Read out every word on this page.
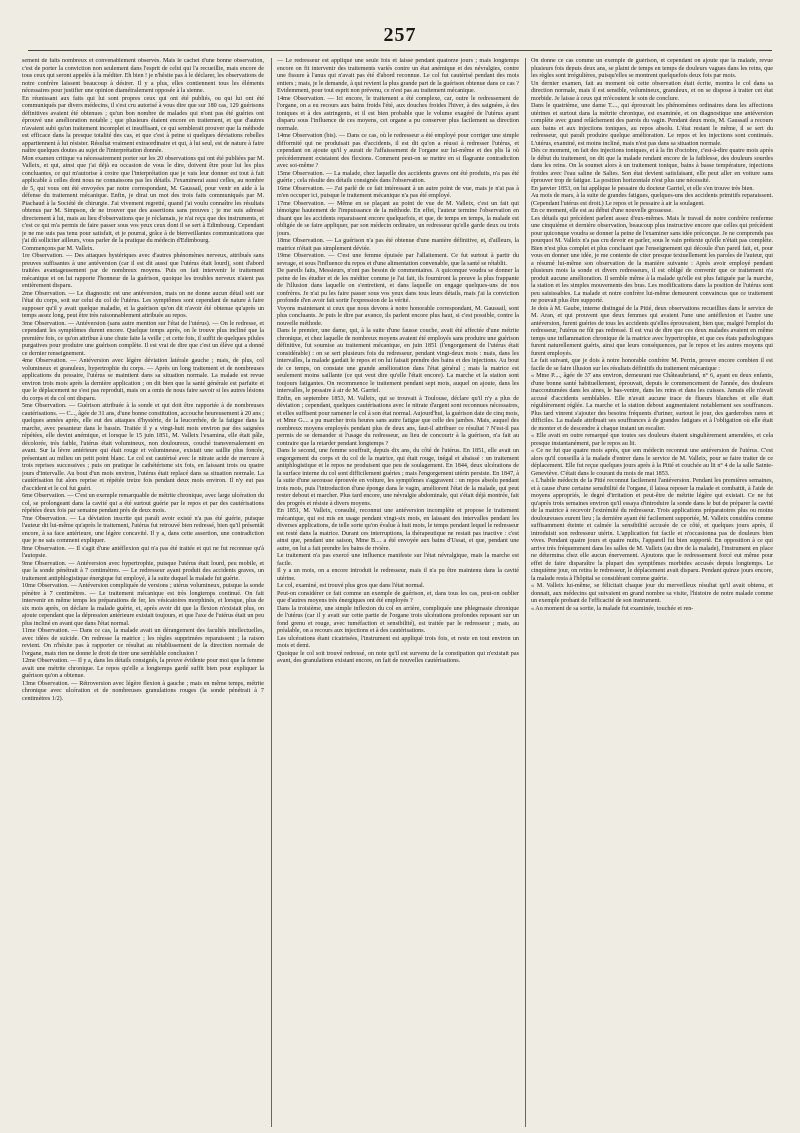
257
sement de faits nombreux et convenablement observés. Mais le cachet d'une bonne observation, c'est de porter la conviction non seulement dans l'esprit de celui qui l'a recueillie, mais encore de tous ceux qui seront appelés à la méditer. Eh bien ! je n'hésite pas à le déclarer, les observations de notre confrère laissent beaucoup à désirer. Il y a plus, elles contiennent tous les éléments nécessaires pour justifier une opinion diamétralement opposée à la sienne.
En réunissant aux faits qui lui sont propres ceux qui ont été publiés, ou qui lui ont été communiqués par divers médecins, il s'est cru autorisé à vous dire que sur 180 cas, 129 guérisons définitives avaient été obtenues ; qu'un bon nombre de malades qui n'ont pas été guéries ont éprouvé une amélioration notable ; que plusieurs étaient encore en traitement, et que d'autres n'avaient subi qu'un traitement incomplet et insuffisant, ce qui semblerait prouver que la méthode est efficace dans la presque totalité des cas, et que c'est à peine si quelques déviations rebelles appartiennent à lui résister. Résultat vraiment extraordinaire et qui, à lui seul, est de nature à faire naître quelques doutes au sujet de l'interprétation donnée.
Mon examen critique va nécessairement porter sur les 20 observations qui ont été publiées par M. Valleix, et qui, ainsi que j'ai déjà eu occasion de vous le dire, doivent être pour lui les plus concluantes, ce qui m'autorise à croire que l'interprétation que je vais leur donner est tout à fait applicable à celles dont nous ne connaissons pas les détails. J'examinerai aussi celles, au nombre de 5, qui vous ont été envoyées par notre correspondant, M. Gaussail, pour venir en aide à la défense du traitement mécanique. Enfin, je dirai un mot des trois faits communiqués par M. Piachaud à la Société de chirurgie. J'ai vivement regretté, quand j'ai voulu connaître les résultats obtenus par M. Simpson, de ne trouver que des assertions sans preuves ; je me suis adressé directement à lui, mais au lieu d'observations que je réclamais, je n'ai reçu que des instruments, et c'est ce qui m'a permis de faire passer sous vos yeux ceux dont il se sert à Edimbourg. Cependant je ne me suis pas tenu pour satisfait, et je pourrai, grâce à de bienveillantes communications que j'ai dû solliciter ailleurs, vous parler de la pratique du médecin d'Edimbourg.
Commençons par M. Valleix.
1re Observation. — Des attaques hystériques avec d'autres phénomènes nerveux, attribués sans preuves suffisantes à une antéversion (car il est dit aussi que l'utérus était lourd), sont d'abord traitées avantageusement par de nombreux moyens. Puis on fait intervenir le traitement mécanique et on lui rapporte l'honneur de la guérison, quoique les troubles nerveux n'aient pas entièrement disparu.
2me Observation. — Le diagnostic est une antéversion, mais on ne donne aucun détail soit sur l'état du corps, soit sur celui du col de l'utérus. Les symptômes sont cependant de nature à faire supposer qu'il y avait quelque maladie, et la guérison qu'on dit n'avoir été obtenue qu'après un temps assez long, peut être très raisonnablement attribuée au repos.
3me Observation. — Antéversion (sans autre mention sur l'état de l'utérus). — On le redresse, et cependant les symptômes durent encore. Quelque temps après, on le trouve plus incliné que la première fois, ce qu'on attribue à une chute faite la veille ; et cette fois, il suffit de quelques pilules purgatives pour produire une guérison complète. Il est vrai de dire que c'est un élève qui a donné ce dernier renseignement.
4me Observation. — Antéversion avec légère déviation latérale gauche ; mais, de plus, col volumineux et granuleux, hypertrophie du corps. — Après un long traitement et de nombreuses applications du pessaire, l'utérus se maintient dans sa situation normale. La malade est revue environ trois mois après la dernière application ; on dit bien que la santé générale est parfaite et que le déplacement ne s'est pas reproduit, mais on a omis de nous faire savoir si les autres lésions du corps et du col ont disparu.
5me Observation. — Guérison attribuée à la sonde et qui doit être rapportée à de nombreuses cautérisations. — C..., âgée de 31 ans, d'une bonne constitution, accouche heureusement à 20 ans ; quelques années après, elle eut des attaques d'hystérie, de la leucorrhée, de la fatigue dans la marche, avec pesanteur dans le bassin. Traitée il y a vingt-huit mois environ par des saignées répétées, elle devint anémique, et lorsque le 15 juin 1851, M. Valleix l'examina, elle était pâle, décolorée, très faible, l'utérus était volumineux, non douloureux, couché transversalement en avant. Sur la lèvre antérieure qui était rouge et volumineuse, existait une saillie plus foncée, présentant au milieu un petit point blanc. Le col est cautérisé avec le nitrate acide de mercure à trois reprises successives ; puis on pratique le cathétérisme six fois, en laissant trois ou quatre jours d'intervalle. Au bout d'un mois environ, l'utérus était replacé dans sa situation normale. La cautérisation fut alors reprise et répétée treize fois pendant deux mois environ. Il n'y eut pas d'accident et le col fut guéri.
6me Observation. — C'est un exemple remarquable de métrite chronique, avec large ulcération du col, se prolongeant dans la cavité qui a été surtout guérie par le repos et par des cautérisations répétées deux fois par semaine pendant près de deux mois.
7me Observation. — La déviation inscrite qui paraît avoir existé n'a pas été guérie, puisque l'auteur dit lui-même qu'après le traitement, l'utérus fut retrouvé bien redressé, bien qu'il présentât encore, à sa face antérieure, une légère concavité. Il y a, dans cette assertion, une contradiction que je ne sais comment expliquer.
8me Observation. — Il s'agit d'une antéflexion qui n'a pas été traitée et qui ne fut reconnue qu'à l'autopsie.
9me Observation. — Antéversion avec hypertrophie, puisque l'utérus était lourd, peu mobile, et que la sonde pénétrait à 7 centimètres. — Le redresseur ayant produit des accidents graves, un traitement antiphlogistique énergique fut employé, à la suite duquel la malade fut guérie.
10me Observation. — Antéversion compliquée de versions ; utérus volumineux, puisque la sonde pénètre à 7 centimètres. — Le traitement mécanique est très longtemps continué. On fait intervenir en même temps les préparations de fer, les vésicatoires morphinés, et lorsque, plus de six mois après, on déclare la malade guérie, et, après avoir dit que la flexion n'existait plus, on ajoute cependant que la dépression antérieure existait toujours, et que l'axe de l'utérus était un peu plus incliné en avant que dans l'état normal.
11me Observation. — Dans ce cas, la malade avait un dérangement des facultés intellectuelles, avec idées de suicide. On redresse la matrice ; les règles supprimées reparaissent ; la raison revient. On n'hésite pas à rapporter ce résultat au rétablissement de la direction normale de l'organe, mais rien ne donne le droit de tirer une semblable conclusion !
12me Observation. — Il y a, dans les détails consignés, la preuve évidente pour moi que la femme avait une métrite chronique. Le repos qu'elle a longtemps gardé suffit bien pour expliquer la guérison qu'on a obtenue.
13me Observation. — Rétroversion avec légère flexion à gauche ; mais en même temps, métrite chronique avec ulcération et de nombreuses granulations rouges (la sonde pénétrait à 7 centimètres 1/2).
— Le redresseur est appliqué une seule fois et laissé pendant quatorze jours ; mais longtemps encore on fit intervenir des traitements variés contre un état anémique et des névralgies, contre une fissure à l'anus qui n'avait pas été d'abord reconnue. Le col fut cautérisé pendant des mois entiers ; mais, je le demande, à qui revient la plus grande part de la guérison obtenue dans ce cas ? Evidemment, pour tout esprit non prévenu, ce n'est pas au traitement mécanique.
14me Observation. — Ici encore, le traitement a été complexe, car, outre le redressement de l'organe, on a eu recours aux bains froids l'été, aux douches froides l'hiver, à des saignées, à des toniques et à des astringents, et il est bien probable que le volume exagéré de l'utérus ayant disparu sous l'influence de ces moyens, cet organe a pu conserver plus facilement sa direction normale.
14me Observation (bis). — Dans ce cas, où le redresseur a été employé pour corriger une simple difformité qui ne produisait pas d'accidents, il est dit qu'on a réussi à redresser l'utérus, et cependant on ajoute qu'il y aurait de l'affaissement de l'organe sur lui-même et des plis là où précédemment existaient des flexions. Comment peut-on se mettre en si flagrante contradiction avec soi-même ?
15me Observation. — La malade, chez laquelle des accidents graves ont été produits, n'a pas été guérie ; cela résulte des détails consignés dans l'observation.
16me Observation. — J'ai parlé de ce fait intéressant à un autre point de vue, mais je n'ai pas à m'en occuper ici, puisque le traitement mécanique n'a pas été employé.
17me Observation. — Même en se plaçant au point de vue de M. Valleix, c'est un fait qui témoigne hautement de l'impuissance de la méthode. En effet, l'auteur termine l'observation en disant que les accidents reparaissent encore quelquefois, et que, de temps en temps, la malade est obligée de se faire appliquer, par son médecin ordinaire, un redresseur qu'elle garde deux ou trois jours.
18me Observation. — La guérison n'a pas été obtenue d'une manière définitive, et, d'ailleurs, la matrice n'était pas simplement déviée.
19me Observation. — C'est une femme épuisée par l'allaitement. Ce fut surtout à partir du sevrage, et sous l'influence du repos et d'une alimentation convenable, que la santé se rétablit.
De pareils faits, Messieurs, n'ont pas besoin de commentaires. A quiconque voudra se donner la peine de les étudier et de les méditer comme je l'ai fait, ils fourniront la preuve la plus frappante de l'illusion dans laquelle on s'entretient, et dans laquelle on engage quelques-uns de nos confrères. Je n'ai pu les faire passer sous vos yeux dans tous leurs détails, mais j'ai la conviction profonde d'en avoir fait sortir l'expression de la vérité.
Voyons maintenant si ceux que nous devons à notre honorable correspondant, M. Gaussail, sont plus concluants. Je puis le dire par avance, ils parlent encore plus haut, si c'est possible, contre la nouvelle méthode.
Dans le premier, une dame, qui, à la suite d'une fausse couche, avait été affectée d'une métrite chronique, et chez laquelle de nombreux moyens avaient été employés sans produire une guérison définitive, fut soumise au traitement mécanique, en juin 1851 (l'engorgement de l'utérus était considérable) : on se sert plusieurs fois du redresseur, pendant vingt-deux mois : mais, dans les intervalles, la malade gardait le repos et on lui faisait prendre des bains et des injections. Au bout de ce temps, on constate une grande amélioration dans l'état général ; mais la matrice est seulement moins saillante (ce qui veut dire qu'elle l'était encore). La marche et la station sont toujours fatigantes. On recommence le traitement pendant sept mois, auquel on ajoute, dans les intervalles, le pessaire à air de M. Garriel.
Enfin, en septembre 1853, M. Valleix, qui se trouvait à Toulouse, déclare qu'il n'y a plus de déviation ; cependant, quelques cautérisations avec le nitrate d'argent sont reconnues nécessaires, et elles suffisent pour ramener le col à son état normal. Aujourd'hui, la guérison date de cinq mois, et Mme G.... a pu marcher trois heures sans autre fatigue que celle des jambes. Mais, auquel des nombreux moyens employés pendant plus de deux ans, faut-il attribuer ce résultat ? N'est-il pas permis de se demander si l'usage du redresseur, au lieu de concourir à la guérison, n'a fait au contraire que la retarder pendant longtemps ?
Dans le second, une femme souffrait, depuis dix ans, du côté de l'utérus. En 1851, elle avait un engorgement du corps et du col de la matrice, qui était rouge, inégal et abaissé : un traitement antiphlogistique et le repos ne produisent que peu de soulagement. En 1844, deux ulcérations de la surface interne du col sont difficilement guéries ; mais l'engorgement utérin persiste. En 1847, à la suite d'une secousse éprouvée en voiture, les symptômes s'aggravent : un repos absolu pendant trois mois, puis l'introduction d'une éponge dans le vagin, améliorent l'état de la malade, qui peut rester debout et marcher. Plus tard encore, une névralgie abdominale, qui s'était déjà montrée, fait des progrès et résiste à divers moyens.
En 1851, M. Valleix, consulté, reconnut une antéversion incomplète et propose le traitement mécanique, qui est mis en usage pendant vingt-six mois, en laissant des intervalles pendant les diverses applications, de telle sorte qu'on évalue à huit mois, le temps pendant lequel le redresseur est resté dans la matrice. Durant ces interruptions, la thérapeutique ne restait pas inactive : c'est ainsi que, pendant une saison, Mme B.... a été envoyée aux bains d'Ussat, et que, pendant une autre, on lui a fait prendre les bains de rivière.
Le traitement n'a pas exercé une influence manifeste sur l'état névralgique, mais la marche est facile.
Il y a un mois, on a encore introduit le redresseur, mais il n'a pu être maintenu dans la cavité utérine.
Le col, examiné, est trouvé plus gros que dans l'état normal.
Peut-on considérer ce fait comme un exemple de guérison, et, dans tous les cas, peut-on oublier que d'autres moyens très énergiques ont été employés ?
Dans la troisième, une simple inflexion du col en arrière, compliquée une phlegmasie chronique de l'utérus (car il y avait sur cette partie de l'organe trois ulcérations profondes reposant sur un fond grenu et rouge, avec tuméfaction et sensibilité), est traitée par le redresseur ; mais, au préalable, on a recours aux injections et à des cautérisations.
Les ulcérations étant cicatrisées, l'instrument est appliqué trois fois, et reste en tout environ un mois et demi.
Quoique le col soit trouvé redressé, on note qu'il est survenu de la constipation qui n'existait pas avant, des granulations existant encore, on fait de nouvelles cautérisations.
On donne ce cas comme un exemple de guérison, et cependant on ajoute que la malade, revue plusieurs fois depuis deux ans, se plaint de temps en temps de douleurs vagues dans les reins, que les règles sont irrégulières, puisqu'elles se montrent quelquefois deux fois par mois.
Un dernier examen, fait au moment où cette observation était écrite, montra le col dans sa direction normale, mais il est sensible, volumineux, granuleux, et on se dispose à traiter cet état morbide. Je laisse à ceux qui m'écoutent le soin de conclure.
Dans le quatrième, une dame T...., qui éprouvait les phénomènes ordinaires dans les affections utérines et surtout dans la métrite chronique, est examinée, et on diagnostique une antéversion complète avec grand relâchement des parois du vagin. Pendant deux mois, M. Gaussail a recours aux bains et aux injections toniques, au repos absolu. L'état restant le même, il se sert du redresseur, qui paraît produire quelque amélioration. Le repos et les injections sont continués. L'utérus, examiné, est moins incliné, mais n'est pas dans sa situation normale.
Dès ce moment, on fait des injections toniques, et à la fin d'octobre, c'est-à-dire quatre mois après le début du traitement, on dit que la malade rendant encore de la faiblesse, des douleurs sourdes dans les reins. On la soumet alors à un traitement tonique, bains à basse température, injections froides avec l'eau saline de Salies. Son état devient satisfaisant, elle peut aller en voiture sans éprouver trop de fatigue. La position horizontale n'est plus une nécessité.
En janvier 1853, on lui applique le pessaire du docteur Garriel, et elle s'en trouve très bien.
Au mois de mars, à la suite de grandes fatigues, quelques-uns des accidents primitifs reparaissent. (Cependant l'utérus est droit.) Le repos et le pessaire à air la soulagent.
En ce moment, elle est au début d'une nouvelle grossesse.
Les détails qui précèdent parlent assez d'eux-mêmes. Mais le travail de notre confrère renferme une cinquième et dernière observation, beaucoup plus instructive encore que celles qui précèdent pour quiconque voudra se donner la peine de l'examiner sans idée préconçue. Je ne comprends pas pourquoi M. Valleix n'a pas cru devoir en parler, sous le vain prétexte qu'elle n'était pas complète. Bien n'est plus complet et plus concluant que l'enseignement qui découle d'un pareil fait, et, pour vous en donner une idée, je me contente de citer presque textuellement les paroles de l'auteur, qui a résumé lui-même son observation de la manière suivante : Après avoir employé pendant plusieurs mois la sonde et divers redresseurs, il est obligé de convenir que ce traitement n'a produit aucune amélioration. Il semble même à la malade qu'elle est plus fatiguée par la marche, la station et les simples mouvements des bras. Les modifications dans la position de l'utérus sont peu saisissables. La malade et notre confrère lui-même demeurent convaincus que ce traitement ne pouvait plus être supporté.
Je dois à M. Gaube, interne distingué de la Pitié, deux observations recueillies dans le service de M. Aran, et qui prouvent que deux femmes qui avaient l'une une antéflexion et l'autre une antéversion, furent guéries de tous les accidents qu'elles éprouvaient, bien que, malgré l'emploi du redresseur, l'utérus ne fût pas redressé. Il est vrai de dire que ces deux malades avaient en même temps une inflammation chronique de la matrice avec hypertrophie, et que ces états pathologiques furent naturellement guéris, ainsi que leurs conséquences, par le repos et les autres moyens qui furent employés.
Le fait suivant, que je dois à notre honorable confrère M. Perrin, prouve encore combien il est facile de se faire illusion sur les résultats définitifs du traitement mécanique :
« Mme P...., âgée de 37 ans environ, demeurant rue Châteaubriand, n° 6, ayant eu deux enfants, d'une bonne santé habituellement, éprouvait, depuis le commencement de l'année, des douleurs inaccoutumées dans les aines, le bas-ventre, dans les reins et dans les cuisses. Jamais elle n'avait accusé d'accidents semblables. Elle n'avait aucune trace de flueurs blanches et elle était régulièrement réglée. La marche et la station debout augmentaient notablement ses souffrances. Plus tard vinrent s'ajouter des besoins fréquents d'uriner, surtout le jour, des garderobes rares et difficiles. La malade attribuait ses souffrances à de grandes fatigues et à l'obligation où elle était de monter et de descendre à chaque instant un escalier.
« Elle avait en outre remarqué que toutes ses douleurs étaient singulièrement amendées, et cela presque instantanément, par le repos au lit.
« Ce ne fut que quatre mois après, que son médecin reconnut une antéversion de l'utérus. C'est alors qu'il conseilla à la malade d'entrer dans le service de M. Valleix, pour se faire traiter de ce déplacement. Elle fut reçue quelques jours après à la Pitié et couchée au lit n° 4 de la salle Sainte-Geneviève. C'était dans le courant du mois de mai 1853.
« L'habile médecin de la Pitié reconnut facilement l'antéversion. Pendant les premières semaines, et à cause d'une certaine sensibilité de l'organe, il laissa reposer la malade et combattit, à l'aide de moyens appropriés, le degré d'irritation et peut-être de métrite légère qui existait. Ce ne fut qu'après trois semaines environ qu'il essaya d'introduire la sonde dans le but de préparer la cavité de la matrice à recevoir l'extrémité du redresseur. Trois applications préparatoires plus ou moins douloureuses eurent lieu ; la dernière ayant été facilement supportée, M. Valleix considéra comme suffisamment éteinte et calmée la sensibilité accusée de ce côté, et quelques jours après, il introduisit son redresseur utérin. L'application fut facile et n'occasionna pas de douleurs bien vives. Pendant quatre jours et quatre nuits, l'appareil fut bien supporté. En opposition à ce qui arrive très fréquemment dans les salles de M. Valleix (au dire de la malade), l'instrument en place ne détermina chez elle aucun énervement. Ajoutons que le redressement forcé eut même pour effet de faire disparaître la plupart des symptômes morbides accusés depuis longtemps. Le cinquième jour, on retira le redresseur, le déplacement avait disparu. Pendant quinze jours encore, la malade resta à l'hôpital se considérant comme guérie.
« M. Valleix lui-même, se félicitait chaque jour du merveilleux résultat qu'il avait obtenu, et donnait, aux médecins qui suivaient en grand nombre sa visite, l'histoire de notre malade comme un exemple probant de l'efficacité de son instrument.
« Au moment de sa sortie, la malade fut examinée, touchée et ren-
